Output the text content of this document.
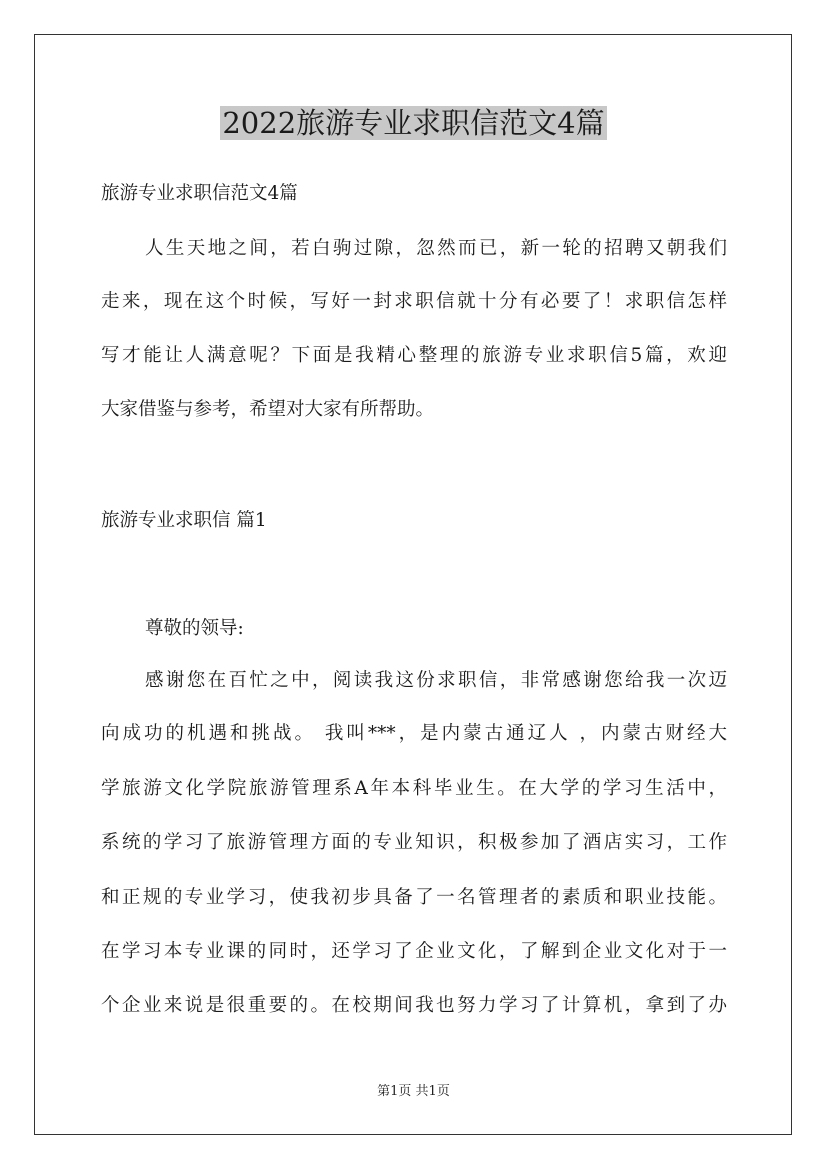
2022旅游专业求职信范文4篇
旅游专业求职信范文4篇
人生天地之间，若白驹过隙，忽然而已，新一轮的招聘又朝我们
走来，现在这个时候，写好一封求职信就十分有必要了！求职信怎样
写才能让人满意呢？下面是我精心整理的旅游专业求职信5篇，欢迎
大家借鉴与参考，希望对大家有所帮助。
旅游专业求职信 篇1
尊敬的领导:
感谢您在百忙之中，阅读我这份求职信，非常感谢您给我一次迈
向成功的机遇和挑战。 我叫***，是内蒙古通辽人 ，内蒙古财经大
学旅游文化学院旅游管理系A年本科毕业生。在大学的学习生活中，
系统的学习了旅游管理方面的专业知识，积极参加了酒店实习，工作
和正规的专业学习，使我初步具备了一名管理者的素质和职业技能。
在学习本专业课的同时，还学习了企业文化，了解到企业文化对于一
个企业来说是很重要的。在校期间我也努力学习了计算机，拿到了办
第1页 共1页
